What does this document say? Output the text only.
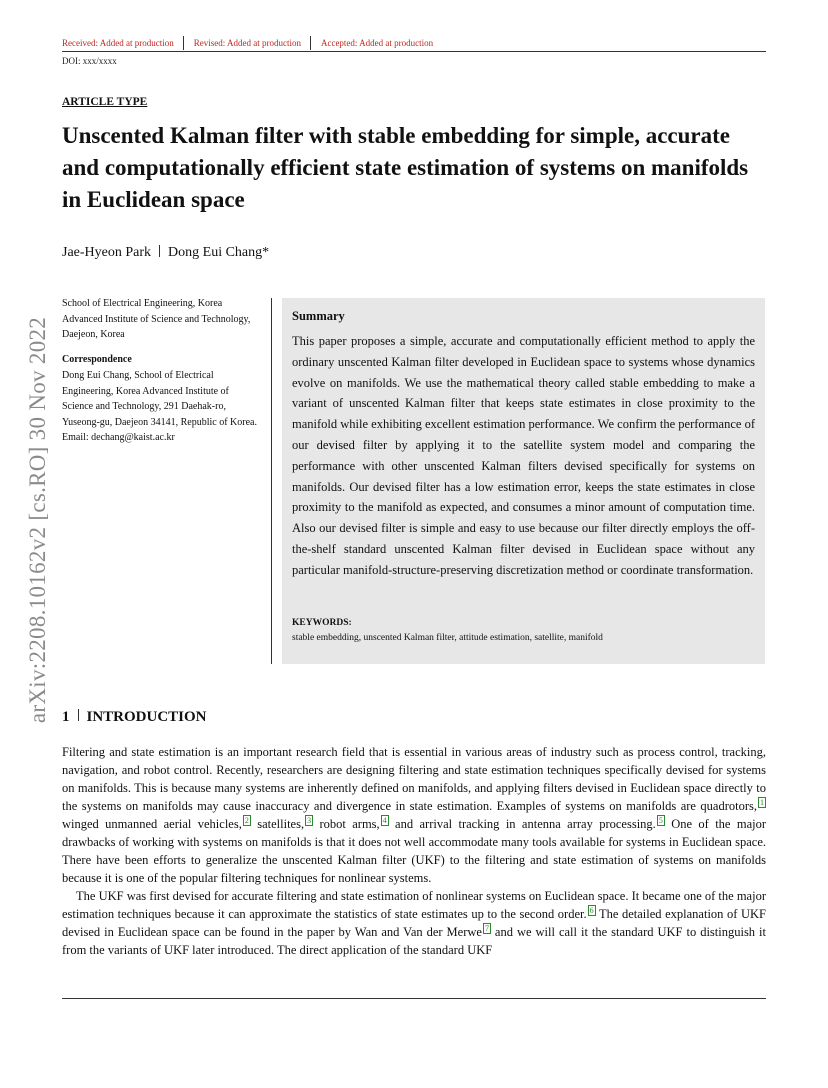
Received: Added at production Revised: Added at production Accepted: Added at production
DOI: xxx/xxxx
ARTICLE TYPE
Unscented Kalman filter with stable embedding for simple, accurate and computationally efficient state estimation of systems on manifolds in Euclidean space
Jae-Hyeon Park Dong Eui Chang*
arXiv:2208.10162v2 [cs.RO] 30 Nov 2022
School of Electrical Engineering, Korea Advanced Institute of Science and Technology, Daejeon, Korea
Correspondence
Dong Eui Chang, School of Electrical Engineering, Korea Advanced Institute of Science and Technology, 291 Daehak-ro, Yuseong-gu, Daejeon 34141, Republic of Korea. Email: dechang@kaist.ac.kr
Summary
This paper proposes a simple, accurate and computationally efficient method to apply the ordinary unscented Kalman filter developed in Euclidean space to systems whose dynamics evolve on manifolds. We use the mathematical theory called stable embedding to make a variant of unscented Kalman filter that keeps state estimates in close proximity to the manifold while exhibiting excellent estimation performance. We confirm the performance of our devised filter by applying it to the satellite system model and comparing the performance with other unscented Kalman filters devised specifically for systems on manifolds. Our devised filter has a low estimation error, keeps the state estimates in close proximity to the manifold as expected, and consumes a minor amount of computation time. Also our devised filter is simple and easy to use because our filter directly employs the off-the-shelf standard unscented Kalman filter devised in Euclidean space without any particular manifold-structure-preserving discretization method or coordinate transformation.
KEYWORDS:
stable embedding, unscented Kalman filter, attitude estimation, satellite, manifold
1 INTRODUCTION

Filtering and state estimation is an important research field that is essential in various areas of industry such as process control, tracking, navigation, and robot control. Recently, researchers are designing filtering and state estimation techniques specifically devised for systems on manifolds. This is because many systems are inherently defined on manifolds, and applying filters devised in Euclidean space directly to the systems on manifolds may cause inaccuracy and divergence in state estimation. Examples of systems on manifolds are quadrotors, $^1$ winged unmanned aerial vehicles, $^2$ satellites, $^3$ robot arms, $^4$ and arrival tracking in antenna array processing. $^5$ One of the major drawbacks of working with systems on manifolds is that it does not well accommodate many tools available for systems in Euclidean space. There have been efforts to generalize the unscented Kalman filter (UKF) to the filtering and state estimation of systems on manifolds because it is one of the popular filtering techniques for nonlinear systems.

The UKF was first devised for accurate filtering and state estimation of nonlinear systems on Euclidean space. It became one of the major estimation techniques because it can approximate the statistics of state estimates up to the second order. $^6$ The detailed explanation of UKF devised in Euclidean space can be found in the paper by Wan and Van der Merwe $^7$ and we will call it the standard UKF to distinguish it from the variants of UKF later introduced. The direct application of the standard UKF
